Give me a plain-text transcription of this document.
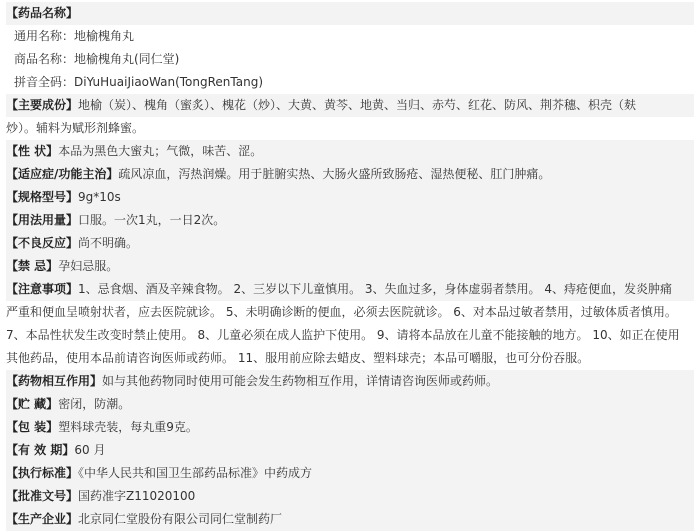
【药品名称】
通用名称：地榆槐角丸
商品名称：地榆槐角丸(同仁堂)
拼音全码：DiYuHuaiJiaoWan(TongRenTang)
【主要成份】地榆（炭）、槐角（蜜炙）、槐花（炒）、大黄、黄芩、地黄、当归、赤芍、红花、防风、荆芥穗、枳壳（麸
炒）。辅料为赋形剂蜂蜜。
【性 状】本品为黑色大蜜丸；气微，味苦、涩。
【适应症/功能主治】疏风凉血，泻热润燥。用于脏腑实热、大肠火盛所致肠疮、湿热便秘、肛门肿痛。
【规格型号】9g*10s
【用法用量】口服。一次1丸，一日2次。
【不良反应】尚不明确。
【禁 忌】孕妇忌服。
【注意事项】1、忌食烟、酒及辛辣食物。 2、三岁以下儿童慎用。 3、失血过多，身体虚弱者禁用。 4、痔疮便血，发炎肿痛
严重和便血呈喷射状者，应去医院就诊。 5、未明确诊断的便血，必须去医院就诊。 6、对本品过敏者禁用，过敏体质者慎用。
7、本品性状发生改变时禁止使用。 8、儿童必须在成人监护下使用。 9、请将本品放在儿童不能接触的地方。 10、如正在使用
其他药品，使用本品前请咨询医师或药师。 11、服用前应除去蜡皮、塑料球壳；本品可嚼服，也可分份吞服。
【药物相互作用】如与其他药物同时使用可能会发生药物相互作用，详情请咨询医师或药师。
【贮 藏】密闭，防潮。
【包 装】塑料球壳装，每丸重9克。
【有 效 期】60 月
【执行标准】《中华人民共和国卫生部药品标准》中药成方
【批准文号】国药准字Z11020100
【生产企业】北京同仁堂股份有限公司同仁堂制药厂
